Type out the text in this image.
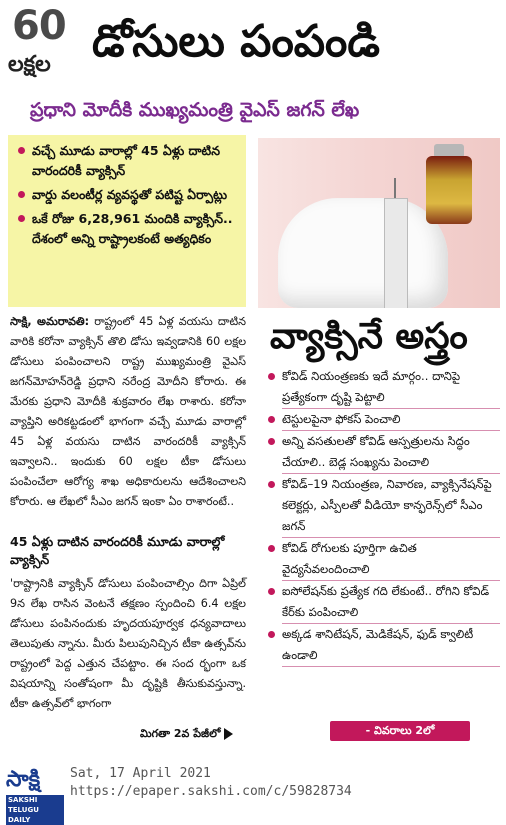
60
లక్షల డోసులు పంపండి
ప్రధాని మోదీకి ముఖ్యమంత్రి వైఎస్‌ జగన్‌ లేఖ
వచ్చే మూడు వారాల్లో 45 ఏళ్లు దాటిన వారందరికీ వ్యాక్సిన్‌
వార్డు వలంటీర్ల వ్యవస్థతో పటిష్ట ఏర్పాట్లు
ఒకే రోజు 6,28,961 మందికి వ్యాక్సిన్‌.. దేశంలో అన్ని రాష్ట్రాలకంటే అత్యధికం

సాక్షి, అమరావతి: రాష్ట్రంలో 45 ఏళ్ల వయసు దాటిన వారికి కరోనా వ్యాక్సిన్‌ తొలి డోసు ఇవ్వడానికి 60 లక్షల డోసులు పంపించాలని రాష్ట్ర ముఖ్యమంత్రి వైఎస్‌ జగన్‌మోహన్‌రెడ్డి ప్రధాని నరేంద్ర మోదీని కోరారు. ఈ మేరకు ప్రధాని మోదీకి శుక్రవారం లేఖ రాశారు. కరోనా వ్యాప్తిని అరికట్టడంలో భాగంగా వచ్చే మూడు వారాల్లో 45 ఏళ్ల వయసు దాటిన వారందరికీ వ్యాక్సిన్‌ ఇవ్వాలని.. ఇందుకు 60 లక్షల టీకా డోసులు పంపించేలా ఆరోగ్య శాఖ అధికారులను ఆదేశించాలని కోరారు. ఆ లేఖలో సీఎం జగన్‌ ఇంకా ఏం రాశారంటే..

45 ఏళ్లు దాటిన వారందరికీ మూడు వారాల్లో వ్యాక్సిన్‌

'రాష్ట్రానికి వ్యాక్సిన్‌ డోసులు పంపించాల్సిం దిగా ఏప్రిల్‌ 9న లేఖ రాసిన వెంటనే తక్షణం స్పందించి 6.4 లక్షల డోసులు పంపినందుకు హృదయపూర్వక ధన్యవాదాలు తెలుపుతు న్నాను. మీరు పిలుపునిచ్చిన టీకా ఉత్సవ్‌ను రాష్ట్రంలో పెద్ద ఎత్తున చేపట్టాం. ఈ సంద ర్భంగా ఒక విషయాన్ని సంతోషంగా మీ దృష్టికి తీసుకువస్తున్నా. టీకా ఉత్సవ్‌లో భాగంగా

మిగతా 2వ పేజీలో
వ్యాక్సినే అస్త్రం
కోవిడ్‌ నియంత్రణకు ఇదే మార్గం.. దానిపై ప్రత్యేకంగా దృష్టి పెట్టాలి
టెస్టులపైనా ఫోకస్‌ పెంచాలి
అన్ని వసతులతో కోవిడ్‌ ఆస్పత్రులను సిద్ధం చేయాలి.. బెడ్ల సంఖ్యను పెంచాలి
కోవిడ్‌–19 నియంత్రణ, నివారణ, వ్యాక్సినేషన్‌పై కలెక్టర్లు, ఎస్పీలతో వీడియో కాన్ఫరెన్స్‌లో సీఎం జగన్‌
కోవిడ్‌ రోగులకు పూర్తిగా ఉచిత వైద్యసేవలందించాలి
ఐసోలేషన్‌కు ప్రత్యేక గది లేకుంటే.. రోగిని కోవిడ్‌ కేర్‌కు పంపించాలి
అక్కడ శానిటేషన్‌, మెడికేషన్‌, ఫుడ్‌ క్వాలిటీ ఉండాలి
- వివరాలు 2లో
సాక్షి
SAKSHI TELUGU DAILY
Sat, 17 April 2021
https://epaper.sakshi.com/c/59828734
